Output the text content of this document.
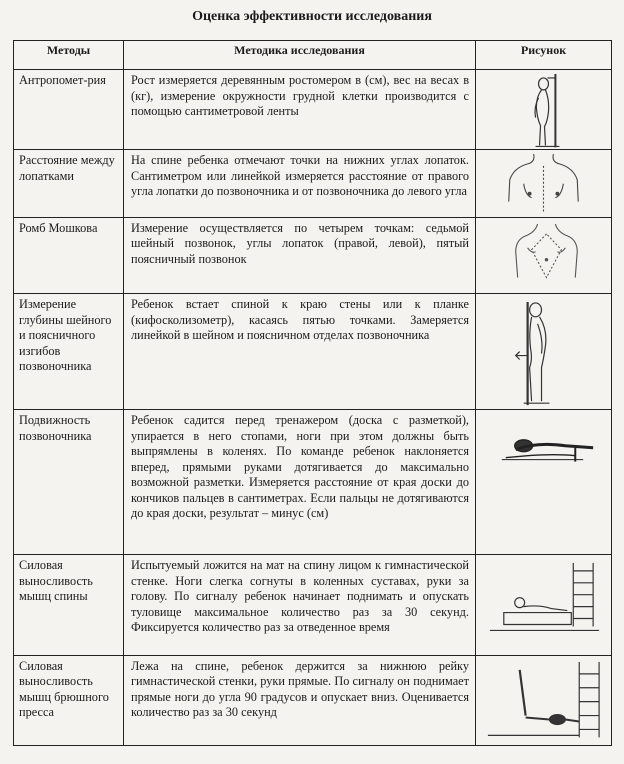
Оценка эффективности исследования
Методы	Методика исследования	Рисунок
Антропомет-рия	Рост измеряется деревянным ростомером в (см), вес на весах в (кг), измерение окружности грудной клетки производится с помощью сантиметровой ленты	

Расстояние между лопатками	На спине ребенка отмечают точки на нижних углах лопаток. Сантиметром или линейкой измеряется расстояние от правого угла лопатки до позвоночника и от позвоночника до левого угла	

Ромб Мошкова	Измерение осуществляется по четырем точкам: седьмой шейный позвонок, углы лопаток (правой, левой), пятый поясничный позвонок	

Измерение глубины шейного и поясничного изгибов позвоночника	Ребенок встает спиной к краю стены или к планке (кифосколизометр), касаясь пятью точками. Замеряется линейкой в шейном и поясничном отделах позвоночника	

Подвижность позвоночника	Ребенок садится перед тренажером (доска с разметкой), упирается в него стопами, ноги при этом должны быть выпрямлены в коленях. По команде ребенок наклоняется вперед, прямыми руками дотягивается до максимально возможной разметки. Измеряется расстояние от края доски до кончиков пальцев в сантиметрах. Если пальцы не дотягиваются до края доски, результат – минус (см)	

Силовая выносливость мышц спины	Испытуемый ложится на мат на спину лицом к гимнастической стенке. Ноги слегка согнуты в коленных суставах, руки за голову. По сигналу ребенок начинает поднимать и опускать туловище максимальное количество раз за 30 секунд. Фиксируется количество раз за отведенное время	

Силовая выносливость мышц брюшного пресса	Лежа на спине, ребенок держится за нижнюю рейку гимнастической стенки, руки прямые. По сигналу он поднимает прямые ноги до угла 90 градусов и опускает вниз. Оценивается количество раз за 30 секунд	
